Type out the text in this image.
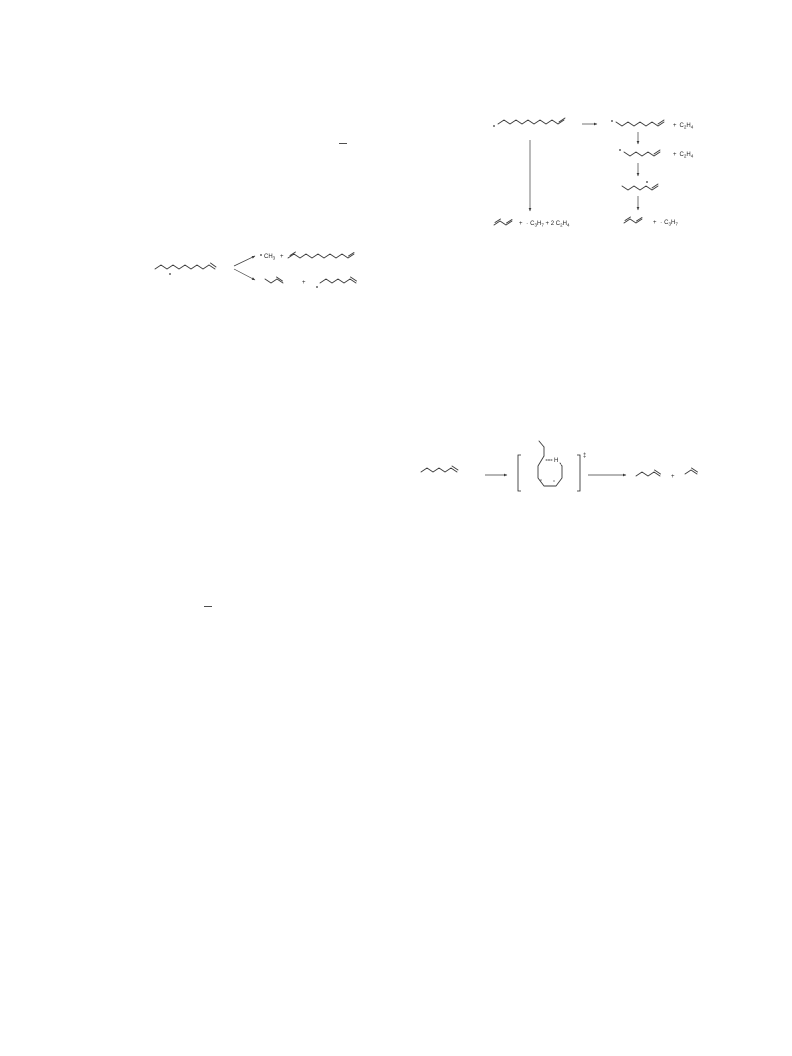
$CH_3$ +
+
+ $C_2H_4$
+ $C_2H_4$
+ · $C_3H_7$
+ · $C_3H_7 + 2$ $C_2H_4$
‡
H
+
